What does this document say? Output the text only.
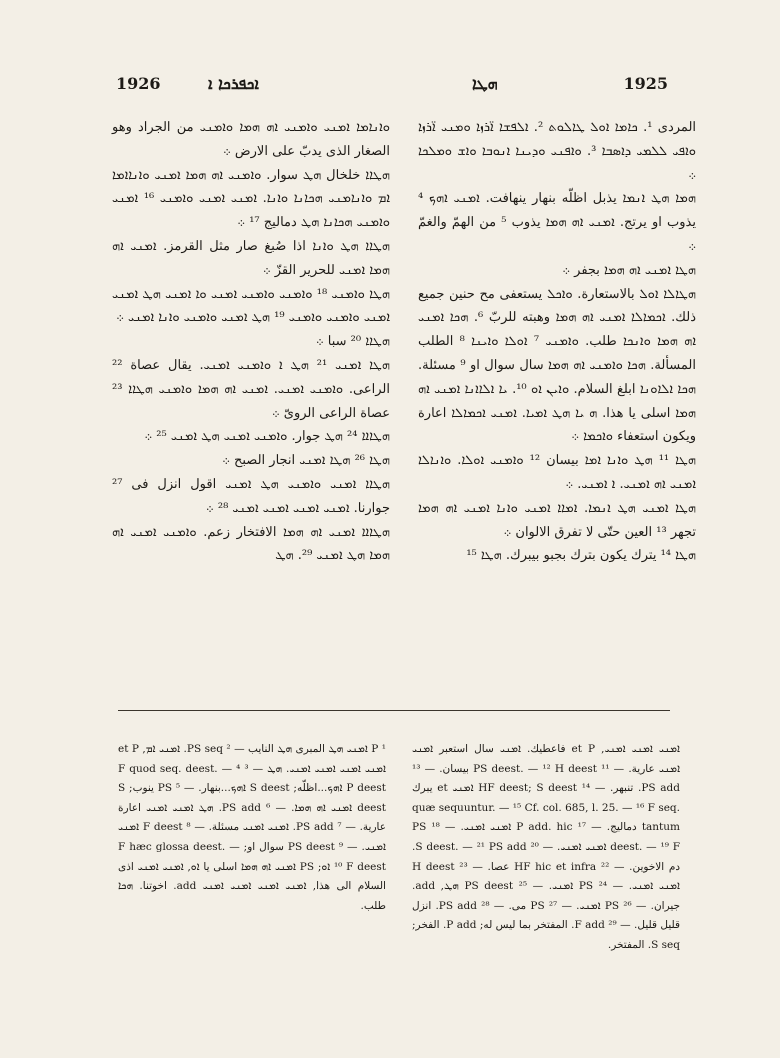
1926	ܐܟܦܪܟܐ ܐ	ܗܛܐ	1925

ܘܐܢܐܡܐ ܐܡܢܝ ܘܐܡܢܝ ܐܗ ܗܡܐ ܘܐܡܢܝ من الجراد وهو الصغار الذى يدبّ على الارض ܀

ܗܛܐܐ خلخال ܗܛ سوار. ܘܐܡܢܝ ܐܗ ܗܡܐ ܐܡܢܝ ܘܐܢܐܐܡܐ ܐܡ ܘܐܢܐܡܢܝ ܗܟܐܢܐ ܘܐܢܐ. ܐܡܢܝ ܐܡܢܝ ܘܐܡܢܝ ¹⁶ ܐܡܢܝ ܘܐܡܢܝ ܗܟܐܢܐ ܗܛ دماليج ¹⁷ ܀

ܗܛܐܐ ܗܛ ܘܐܢܐ اذا صُبغ صار مثل القرمز. ܐܡܢܝ ܐܗ ܗܡܐ ܐܡܢܝ للحرير القزّ ܀

ܗܛܐ ܘܐܡܢܝ ¹⁸ ܘܐܡܢܝ ܘܐܡܢܝ ܐܡܢܝ ܘܐ ܐܡܢܝ ܗܛ ܐܡܢܝ ܐܡܢܝ ܘܐܡܢܝ ܘܐܡܢܝ ¹⁹ ܗܛ ܐܡܢܝ ܘܐܡܢܝ ܘܐܢܐ ܐܡܢܝ ܀

ܗܛܐܐ ²⁰ سبا ܀

ܗܛܐ ܐܡܢܝ ²¹ ܗܛ ܐ ܘܐܡܢܝ ܐܡܢܝ. يقال عصاة ²² الراعى. ܘܐܡܢܝ ܐܡܢܝ. ܐܡܢܝ ܐܗ ܗܡܐ ܘܐܡܢܝ ܗܛܐܐ ²³ عصاة الراعى الروىّ ܀

ܗܛܐܐܐ ²⁴ ܗܛ جوار. ܘܐܡܢܝ ܐܡܢܝ ܗܛ ܐܡܢܝ ²⁵ ܀

ܗܛܐ ²⁶ ܗܛܐ ܐܡܢܝ انجار الصبح ܀

ܗܛܐܐ ܐܡܢܝ ܘܐܡܢܝ ܗܛ ܐܡܢܝ اقول انزل فى ²⁷ جوارنا. ܐܡܢܝ ܐܡܢܝ ܐܡܢܝ ܐܡܢܝ ²⁸ ܀

ܗܛܐܐܐ ܐܡܢܝ ܐܗ ܗܡܐ الافتخار زعم. ܘܐܡܢܝ ܐܡܢܝ ܐܗ ܗܡܐ ܗܛ ܐܡܢܝ ²⁹. ܗܛ

المردى ¹. ܟܐܡܐ ܐܘܠ ܛܐܠܘܬ ². ܐܠܦܫܐ ܐ̈ܪܙܐ ܘܡܢܝ ܐ̈ܪܙܐ ܘܐܦܝ ܠܠܡܝ ܕܐܣܒܐ ³. ܘܐܦܢܝ ܘܕܝܢܐ ܐܢܘܒܐ ܘܐܫ ܘܡܠܟܐ ܀

ܗܡܐ ܗܛ ܐܢܡܐ يذبل اظلّه بنهار ينهافت. ܐܡܢܝ ܐܗܟ ⁴ يذوب او يرتج. ܐܡܢܝ ܐܗ ܗܡܐ يذوب ⁵ من الهمّ والغمّ ܀

ܗܛܐ ܐܡܢܝ ܐܗ ܗܡܐ بجفر ܀

ܗܛܐܠܐ ܐܘܠ بالاستعارة. ܘܐܟܠ يستعفى مح حنين جميع ذلك. ܐܟܡܐܠܐ ܐܡܢܝ ܐܗ ܗܡܐ وهبته للربّ ⁶. ܗܟܐ ܐܡܢܝ ܐܗ ܗܡܐ ܘܐܢܟܐ طلب. ܘܐܡܢܝ ⁷ ܐܘܠܐ ܘܐܝܢܐ ⁸ الطلب المسألة. ܗܟܐ ܘܐܡܢܝ ܐܗ ܗܡܐ سال سوال او ⁹ مسئلة. ܗܟܐ ܐܠܐܘܢܐ ابلغ السلام. ܘܐܝܢ ܐܘ ¹⁰. ܝܐ ܐܠܐܐܢܐ ܐܡܢܝ ܐܗ ܗܡܐ اسلى يا هذا. ܗ ܝܐ ܗܛ ܐܡܝܐ. ܐܡܢܝ ܐܟܡܐܠܐ اعارة ويكون استعفاء ܘܐܟܡܐ ܀

ܗܛܐ ¹¹ ܗܛ ܘܐܢܐ ܐܡܐ بيسان ¹² ܘܐܡܢܝ ܐܘܠܐ. ܘܐܢܐܠܐ ܐܡܢܝ ܐܗ ܐܡܢܝ. ܐ ܐܡܢܝ. ܀

ܗܛܐ ܐܡܢܝ ܗܛ ܐܢܡܐ. ܐܡܐܐ ܐܡܢܝ ܘܐܢܐ ܐܡܢܝ ܐܗ ܗܡܐ تجهر ¹³ العين حتّى لا تفرق الالوان ܀

ܗܛܐ ¹⁴ يترك يكون بترك بجبو بيبرك. ܗܛܐ ¹⁵

¹ P ܐܡܢܝ ܗܛ المبرى ܗܛ النايب — ² PS seq. ܐܡܢܝ ܐܡ, et P ܐܡܢܝ ܐܡܢܝ ܐܡܢܝ ܐܡܢܝ. ܗܛ — ³ F quod seq. deest. — ⁴ P deest ܐܗܟ...اظلّه; S deest ܐܗܟ...بنهار. — ⁵ PS ينوب; S deest ܐܡܢܝ ܐܗ ܗܡܐ. — ⁶ PS add. ܗܛ ܐܡܢܝ ܐܡܢܝ اعارة عارية. — ⁷ PS add. ܐܡܢܝ ܐܡܢܝ مسئلة. — ⁸ F deest ܐܡܢܝ ܐܡܢܝ. — ⁹ PS deest سوال او; F hæc glossa deest. — ¹⁰ F deest ܐܘ; PS ܐܡܢܝ ܐܗ ܗܡܐ اسلى يا ܐܘ, ܐܡܢܝ ܐܡܢܝ اذى السلام الى هذا, ܐܡܢܝ ܐܡܢܝ ܐܡܢܝ ܐܡܢܝ add. اخوتنا. ܗܟܐ طلب.

ܐܡܢܝ ܐܡܢܝ ܐܡܢܝ, et P فاعطيك. ܐܡܢܝ سال استعبر ܐܡܢܝ ܐܡܢܝ عارية. — ¹¹ PS deest. — ¹² H deest بيسان. — ¹³ PS add. تنبهر. — ¹⁴ HF deest; S deest ܐܡܢܝ et يبرك quæ sequuntur. — ¹⁵ Cf. col. 685, l. 25. — ¹⁶ F seq. tantum دماليج. — ¹⁷ P add. hic ܐܡܢܝ ܐܡܢܝ. — ¹⁸ PS deest. — ¹⁹ F ܐܡܢܝ ܐܡܢܝ. — ²⁰ S deest. — ²¹ PS add. دم الاخوين. — ²² HF hic et infra عصا. — ²³ H deest ܐܡܢܝ ܐܡܢܝ. — ²⁴ PS ܐܡܢܝ. — ²⁵ PS deest ܗܛ, add. جيران. — ²⁶ PS ܐܡܢܝ. — ²⁷ PS مى. — ²⁸ PS add. انزل قليل قليل. — ²⁹ F add. المفتخر بما ليس له; P add. الفخر; S seq. المفتخر.
